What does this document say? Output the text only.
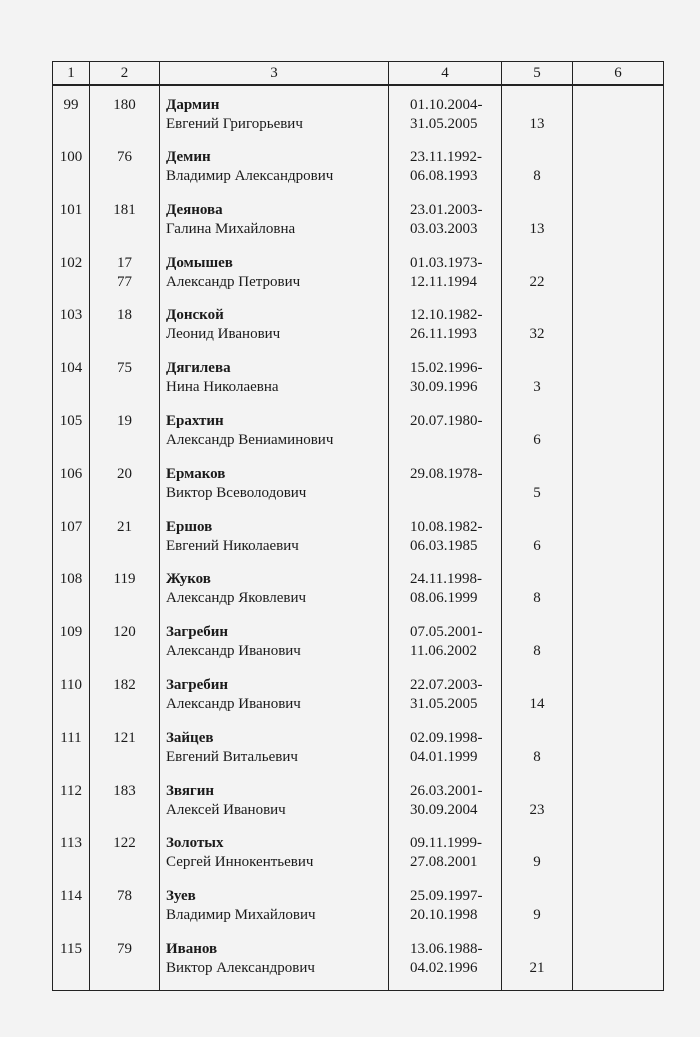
1	2	3	4	5	6
99	180	Дармин
Евгений Григорьевич	01.10.2004-
31.05.2005	13	

100	76	Демин
Владимир Александрович	23.11.1992-
06.08.1993	8	

101	181	Деянова
Галина Михайловна	23.01.2003-
03.03.2003	13	

102	17
77	Домышев
Александр Петрович	01.03.1973-
12.11.1994	22	

103	18	Донской
Леонид Иванович	12.10.1982-
26.11.1993	32	

104	75	Дягилева
Нина Николаевна	15.02.1996-
30.09.1996	3	

105	19	Ерахтин
Александр Вениаминович	20.07.1980-	6	

106	20	Ермаков
Виктор Всеволодович	29.08.1978-	5	

107	21	Ершов
Евгений Николаевич	10.08.1982-
06.03.1985	6	

108	119	Жуков
Александр Яковлевич	24.11.1998-
08.06.1999	8	

109	120	Загребин
Александр Иванович	07.05.2001-
11.06.2002	8	

110	182	Загребин
Александр Иванович	22.07.2003-
31.05.2005	14	

111	121	Зайцев
Евгений Витальевич	02.09.1998-
04.01.1999	8	

112	183	Звягин
Алексей Иванович	26.03.2001-
30.09.2004	23	

113	122	Золотых
Сергей Иннокентьевич	09.11.1999-
27.08.2001	9	

114	78	Зуев
Владимир Михайлович	25.09.1997-
20.10.1998	9	

115	79	Иванов
Виктор Александрович	13.06.1988-
04.02.1996	21	
